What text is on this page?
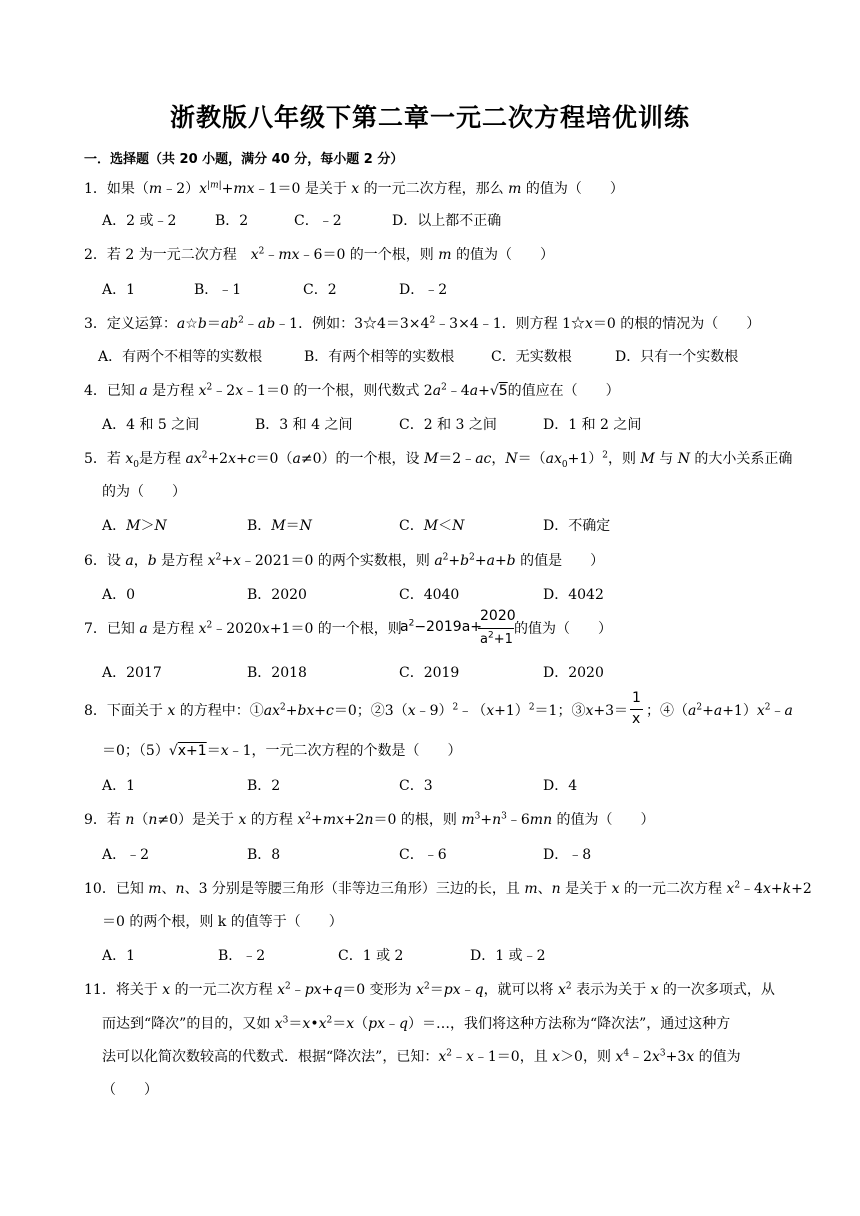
浙教版八年级下第二章一元二次方程培优训练
一．选择题（共 20 小题，满分 40 分，每小题 2 分）
1．如果$(m﹣2)x^{|m|}+mx﹣1=0$ 是关于 x 的一元二次方程，那么 m 的值为（　　）
A．2 或﹣2	B．2	C．﹣2	D．以上都不正确
2．若 2 为一元二次方程　$x^2﹣mx﹣6=0$ 的一个根，则 m 的值为（　　）
A．1	B．﹣1	C．2	D．﹣2
3．定义运算：$a☆b=ab^2﹣ab﹣1$．例如：$3☆4=3\times 4^2﹣3\times 4﹣1$．则方程 1☆x＝0 的根的情况为（　　）
A．有两个不相等的实数根	B．有两个相等的实数根	C．无实数根	D．只有一个实数根
4．已知 a 是方程 $x^2﹣2x﹣1=0$ 的一个根，则代数式 $2a^2﹣4a+√5$的值应在（　　）
A．4 和 5 之间	B．3 和 4 之间	C．2 和 3 之间	D．1 和 2 之间
5．若 $x_0$是方程 $ax^2+2x+c=0(a\ne 0)$的一个根，设 M＝2﹣ac，$N=(ax_0+1)^2$，则 M 与 N 的大小关系正确
的为（　　）
A．M＞N	B．M＝N	C．M＜N	D．不确定
6．设 a，b 是方程 $x^2+x﹣2021=0$ 的两个实数根，则 $a^2+b^2+a+b$ 的值是　　）
A．0	B．2020	C．4040	D．4042
7．已知 a 是方程 $x^2﹣2020x+1=0$ 的一个根，则
$a^2-2019a+$
2020
$a^2+1$
的值为（　　）
A．2017	B．2018	C．2019	D．2020
8．下面关于 x 的方程中：$①ax^2+bx+c=0$；$②3(x﹣9)^2﹣(x+1)^2=1$；③x+3＝
1
x ；$④(a^2+a+1)x^2﹣a$
＝0；（5）√x+1＝x﹣1，一元二次方程的个数是（　　）
A．1	B．2	C．3	D．4
9．若 n（n≠0）是关于 x 的方程 $x^2+mx+2n=0$ 的根，则 $m^3+n^3﹣6mn$ 的值为（　　）
A．﹣2	B．8	C．﹣6	D．﹣8
10．已知 m、n、3 分别是等腰三角形（非等边三角形）三边的长，且 m、n 是关于 x 的一元二次方程 $x^2﹣4x+k+2$
＝0 的两个根，则 k 的值等于（　　）
A．1	B．﹣2	C．1 或 2	D．1 或﹣2
11．将关于 x 的一元二次方程 $x^2﹣px+q=0$ 变形为 $x^2=px﹣q$，就可以将 $x^2$ 表示为关于 x 的一次多项式，从
而达到“降次”的目的，又如 $x^3=x•x^2=x(px﹣q)=\dots$，我们将这种方法称为“降次法”，通过这种方
法可以化简次数较高的代数式．根据“降次法”，已知：$x^2﹣x﹣1=0$，且 x＞0，则 $x^4﹣2x^3+3x$ 的值为
（　　）
